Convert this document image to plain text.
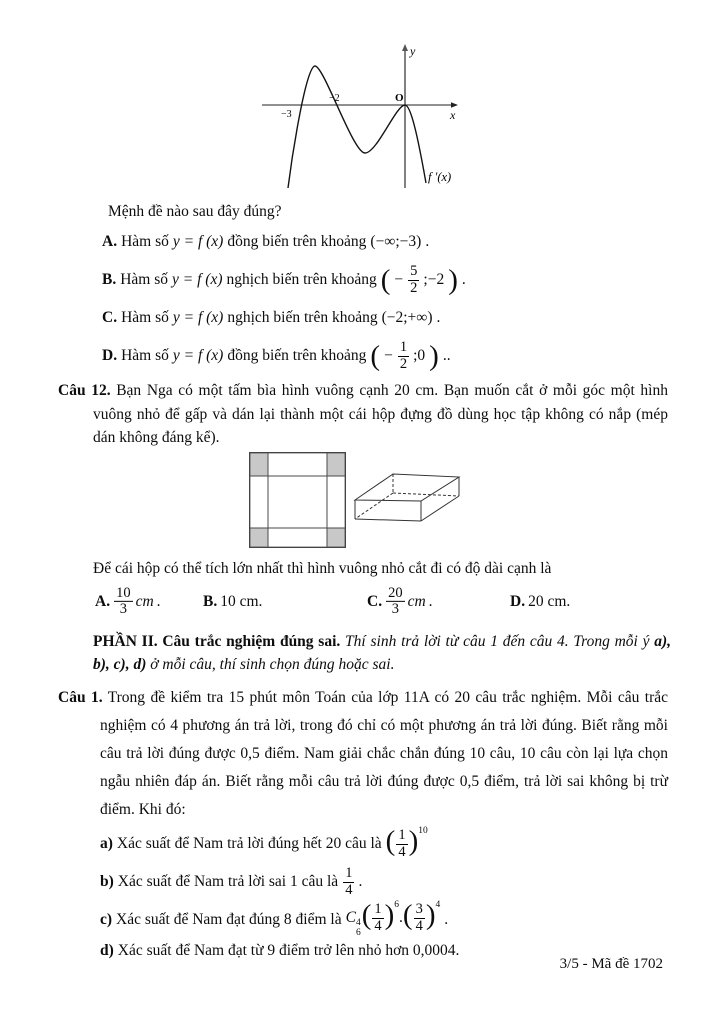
y
x
O
−3
−2
f ′(x)
Mệnh đề nào sau đây đúng?
A. Hàm số y = f (x) đồng biến trên khoảng (−∞;−3) .
B. Hàm số y = f (x) nghịch biến trên khoảng ( − $\frac{5}{2}$ ;−2 ) .
C. Hàm số y = f (x) nghịch biến trên khoảng (−2;+∞) .
D. Hàm số y = f (x) đồng biến trên khoảng ( − $\frac{1}{2}$ ;0 ) ..
Câu 12. Bạn Nga có một tấm bìa hình vuông cạnh 20 cm. Bạn muốn cắt ở mỗi góc một hình vuông nhỏ để gấp và dán lại thành một cái hộp đựng đồ dùng học tập không có nắp (mép dán không đáng kể).
Để cái hộp có thể tích lớn nhất thì hình vuông nhỏ cắt đi có độ dài cạnh là
A. $\frac{10}{3}$ cm .	B. 10 cm.	C. $\frac{20}{3}$ cm .	D. 20 cm.
PHẦN II. Câu trắc nghiệm đúng sai. Thí sinh trả lời từ câu 1 đến câu 4. Trong mỗi ý a), b), c), d) ở mỗi câu, thí sinh chọn đúng hoặc sai.
Câu 1. Trong đề kiểm tra 15 phút môn Toán của lớp 11A có 20 câu trắc nghiệm. Mỗi câu trắc nghiệm có 4 phương án trả lời, trong đó chỉ có một phương án trả lời đúng. Biết rằng mỗi câu trả lời đúng được 0,5 điểm. Nam giải chắc chắn đúng 10 câu, 10 câu còn lại lựa chọn ngẫu nhiên đáp án. Biết rằng mỗi câu trả lời đúng được 0,5 điểm, trả lời sai không bị trừ điểm. Khi đó:
a) Xác suất để Nam trả lời đúng hết 20 câu là ( $\frac{1}{4} )^{10}$
b) Xác suất để Nam trả lời sai 1 câu là $\frac{1}{4}$ .
c) Xác suất để Nam đạt đúng 8 điểm là C 4
6
( $\frac{1}{4} )^6.( \frac{3}{4} )^4$
.
d) Xác suất để Nam đạt từ 9 điểm trở lên nhỏ hơn 0,0004.
3/5 - Mã đề 1702
